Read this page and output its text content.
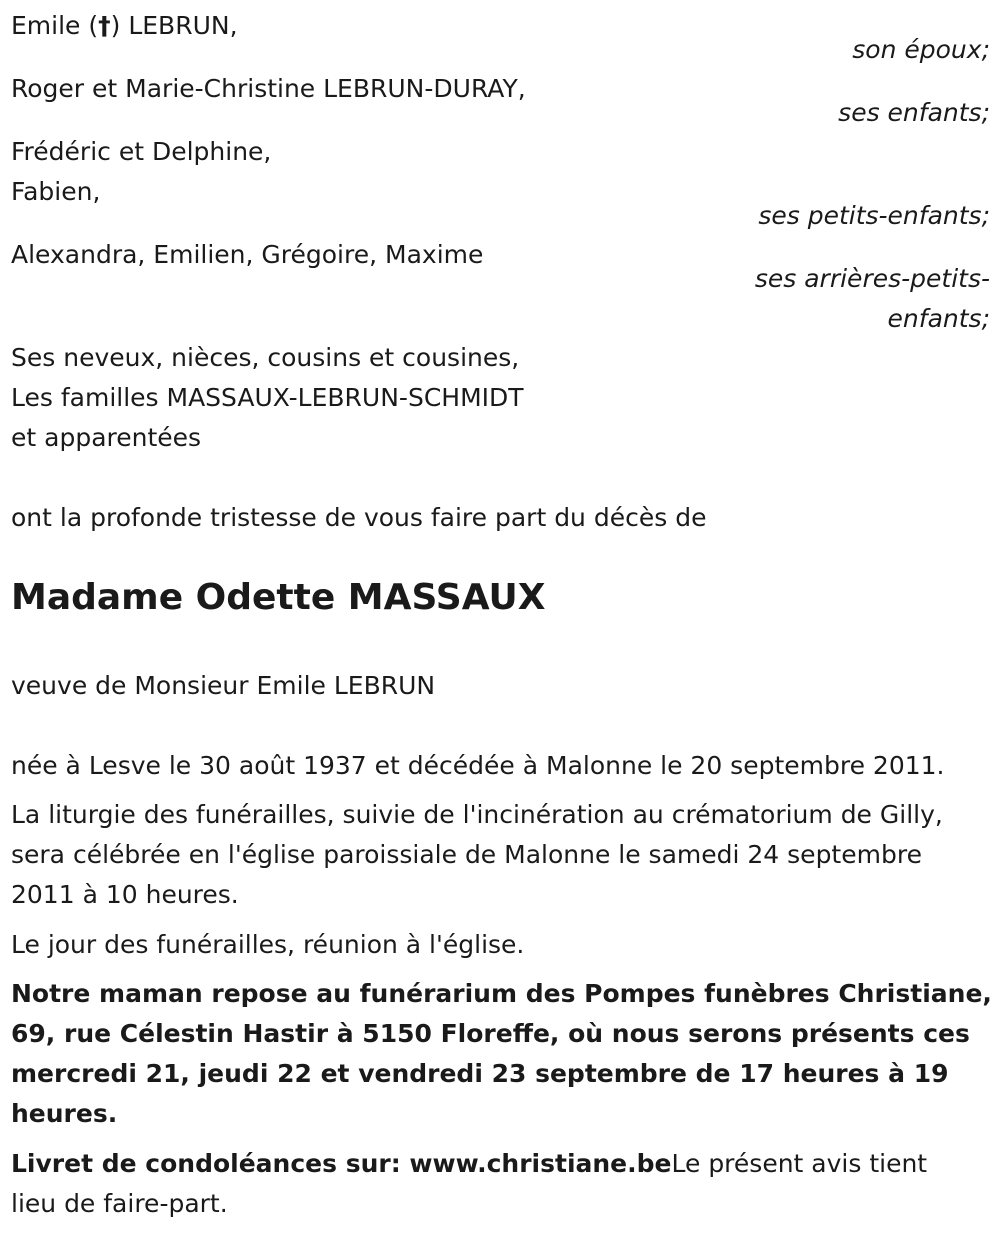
Emile (†) LEBRUN,
son époux;
Roger et Marie-Christine LEBRUN-DURAY,
ses enfants;
Frédéric et Delphine,
Fabien,
ses petits-enfants;
Alexandra, Emilien, Grégoire, Maxime
ses arrières-petits-
enfants;
Ses neveux, nièces, cousins et cousines,
Les familles MASSAUX-LEBRUN-SCHMIDT
et apparentées
ont la profonde tristesse de vous faire part du décès de
Madame Odette MASSAUX
veuve de Monsieur Emile LEBRUN
née à Lesve le 30 août 1937 et décédée à Malonne le 20 septembre 2011.
La liturgie des funérailles, suivie de l'incinération au crématorium de Gilly, sera célébrée en l'église paroissiale de Malonne le samedi 24 septembre 2011 à 10 heures.
Le jour des funérailles, réunion à l'église.
Notre maman repose au funérarium des Pompes funèbres Christiane, 69, rue Célestin Hastir à 5150 Floreffe, où nous serons présents ces mercredi 21, jeudi 22 et vendredi 23 septembre de 17 heures à 19 heures.
Livret de condoléances sur: www.christiane.beLe présent avis tient lieu de faire-part.
